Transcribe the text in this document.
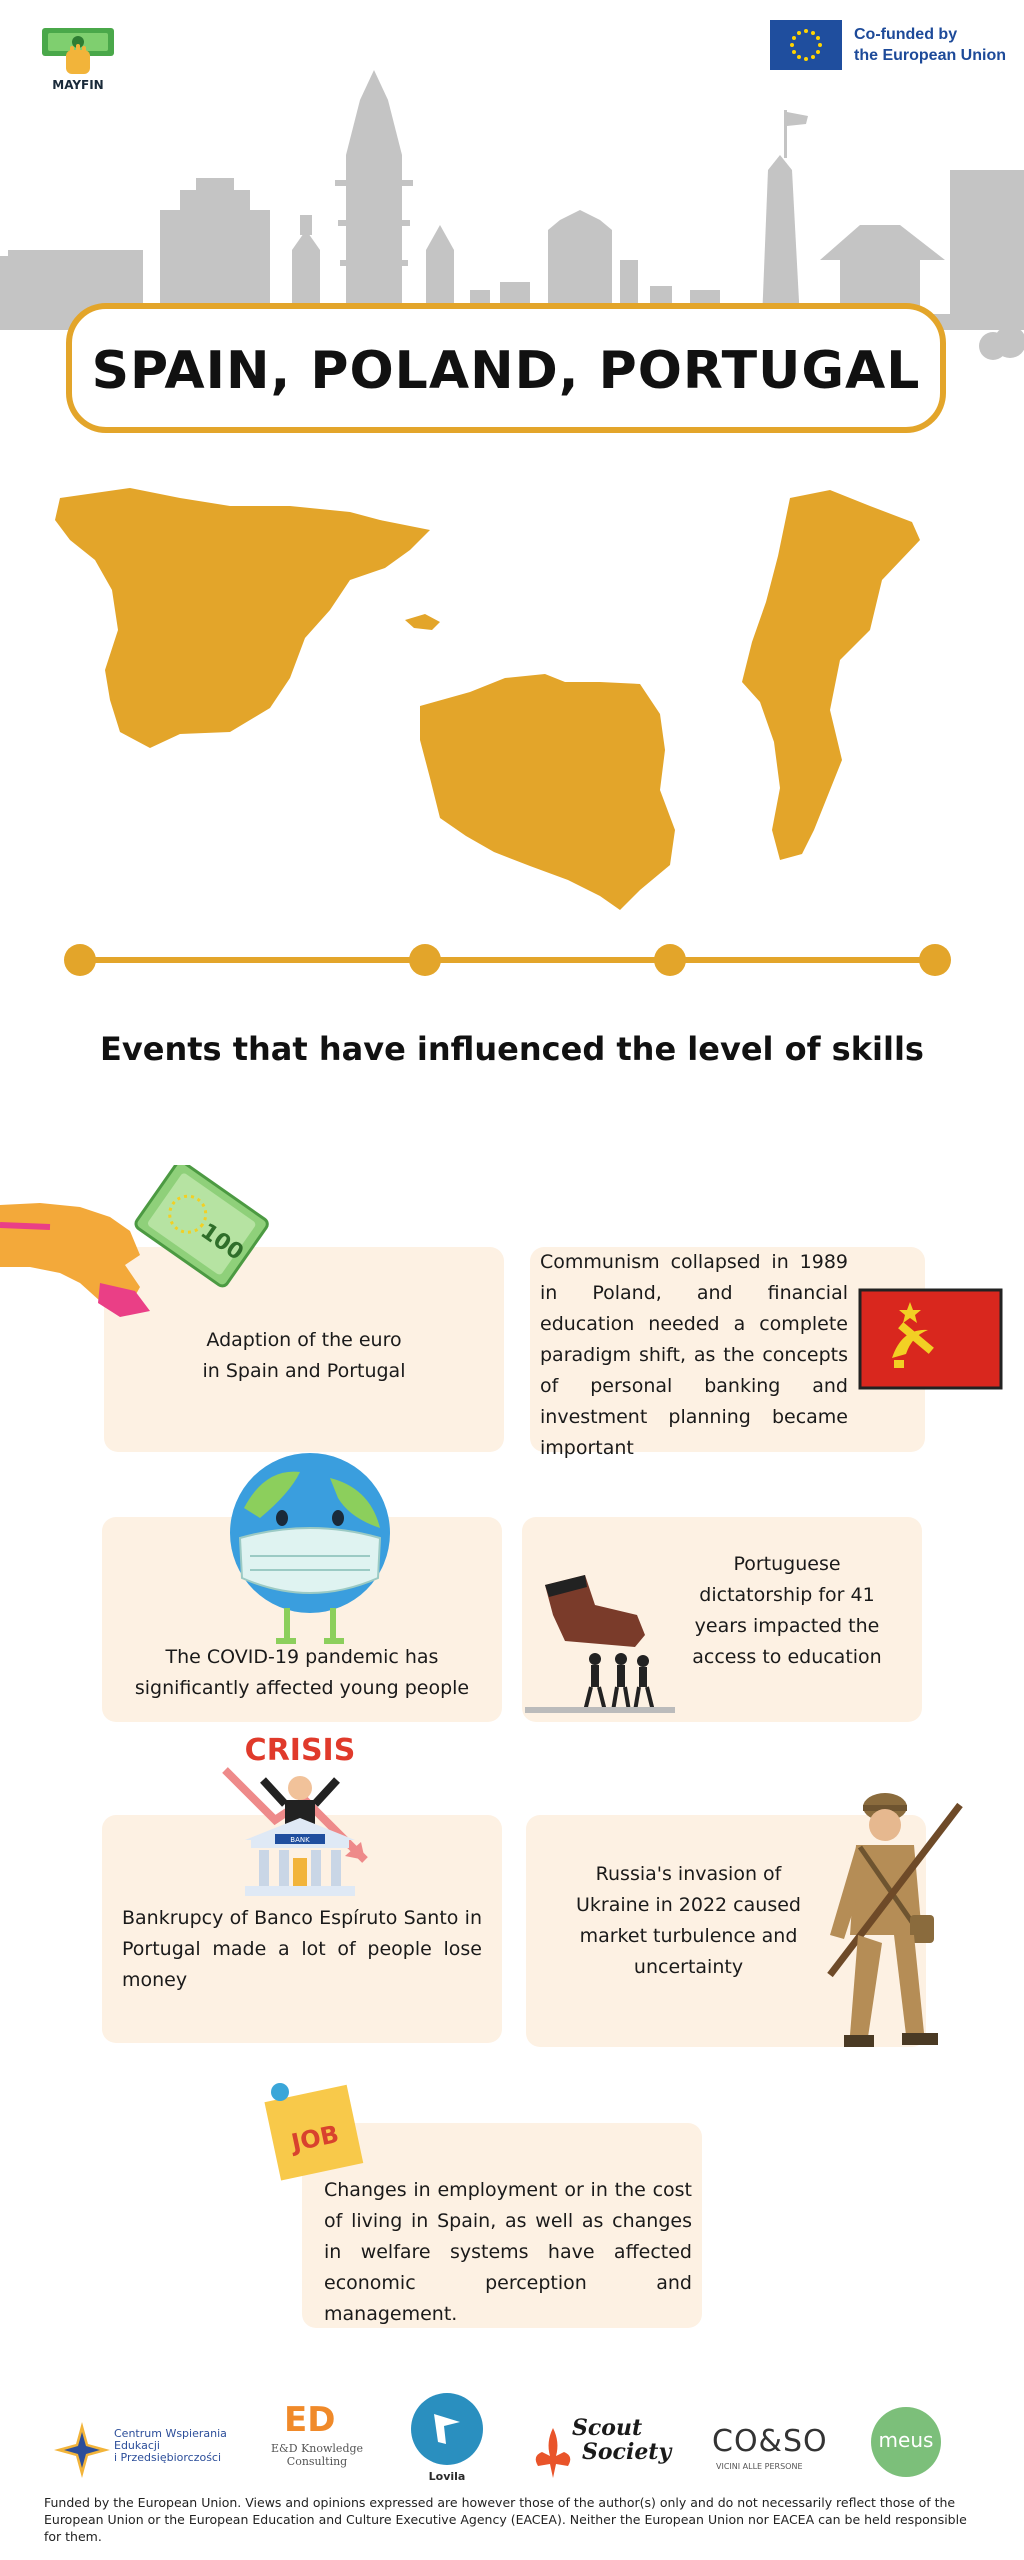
MAYFIN
Co-funded by
the European Union
SPAIN, POLAND, PORTUGAL
Events that have influenced the level of skills
Adaption of the euro
in Spain and Portugal
100	Communism collapsed in 1989 in Poland, and financial education needed a complete paradigm shift, as the concepts of personal banking and investment planning became important
The COVID-19 pandemic has
significantly affected young people
Portuguese
dictatorship for 41
years impacted the
access to education
Bankrupcy of Banco Espíruto Santo in Portugal made a lot of people lose money
CRISIS
BANK
Russia's invasion of
Ukraine in 2022 caused
market turbulence and
uncertainty
Changes in employment or in the cost of living in Spain, as well as changes in welfare systems have affected economic perception and management.
JOB
Centrum Wspierania
Edukacji
i Przedsiębiorczości
ED
E&D Knowledge
Consulting
Lovila
Scout
Society CO&SO
VICINI ALLE PERSONE
meus
Funded by the European Union. Views and opinions expressed are however those of the author(s) only and do not necessarily reflect those of the European Union or the European Education and Culture Executive Agency (EACEA). Neither the European Union nor EACEA can be held responsible for them.
